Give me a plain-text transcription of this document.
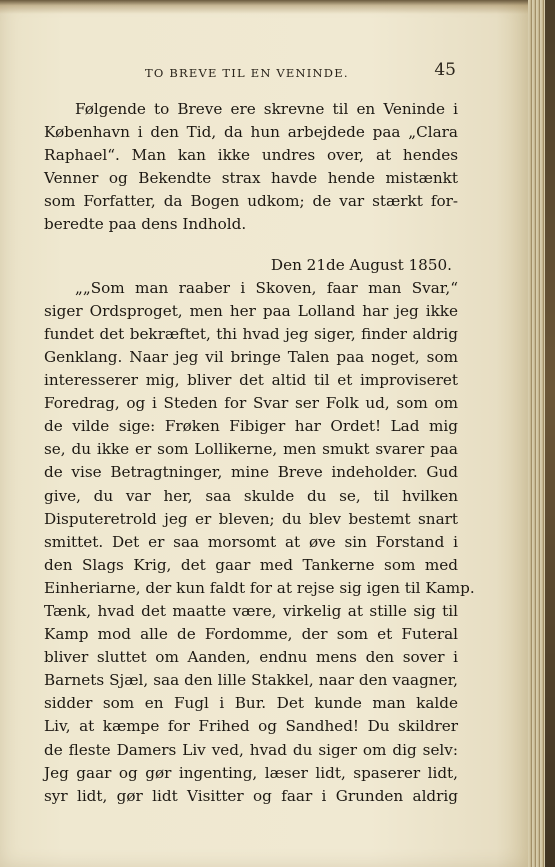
TO BREVE TIL EN VENINDE.	45
Følgende to Breve ere skrevne til en Veninde i
København i den Tid, da hun arbejdede paa „Clara
Raphael“. Man kan ikke undres over, at hendes
Venner og Bekendte strax havde hende mistænkt
som Forfatter, da Bogen udkom; de var stærkt for-
beredte paa dens Indhold.
Den 21de August 1850.
„„Som man raaber i Skoven, faar man Svar,“
siger Ordsproget, men her paa Lolland har jeg ikke
fundet det bekræftet, thi hvad jeg siger, finder aldrig
Genklang. Naar jeg vil bringe Talen paa noget, som
interesserer mig, bliver det altid til et improviseret
Foredrag, og i Steden for Svar ser Folk ud, som om
de vilde sige: Frøken Fibiger har Ordet! Lad mig
se, du ikke er som Lollikerne, men smukt svarer paa
de vise Betragtninger, mine Breve indeholder. Gud
give, du var her, saa skulde du se, til hvilken
Disputeretrold jeg er bleven; du blev bestemt snart
smittet. Det er saa morsomt at øve sin Forstand i
den Slags Krig, det gaar med Tankerne som med
Einheriarne, der kun faldt for at rejse sig igen til Kamp.
Tænk, hvad det maatte være, virkelig at stille sig til
Kamp mod alle de Fordomme, der som et Futeral
bliver sluttet om Aanden, endnu mens den sover i
Barnets Sjæl, saa den lille Stakkel, naar den vaagner,
sidder som en Fugl i Bur. Det kunde man kalde
Liv, at kæmpe for Frihed og Sandhed! Du skildrer
de fleste Damers Liv ved, hvad du siger om dig selv:
Jeg gaar og gør ingenting, læser lidt, spaserer lidt,
syr lidt, gør lidt Visitter og faar i Grunden aldrig
